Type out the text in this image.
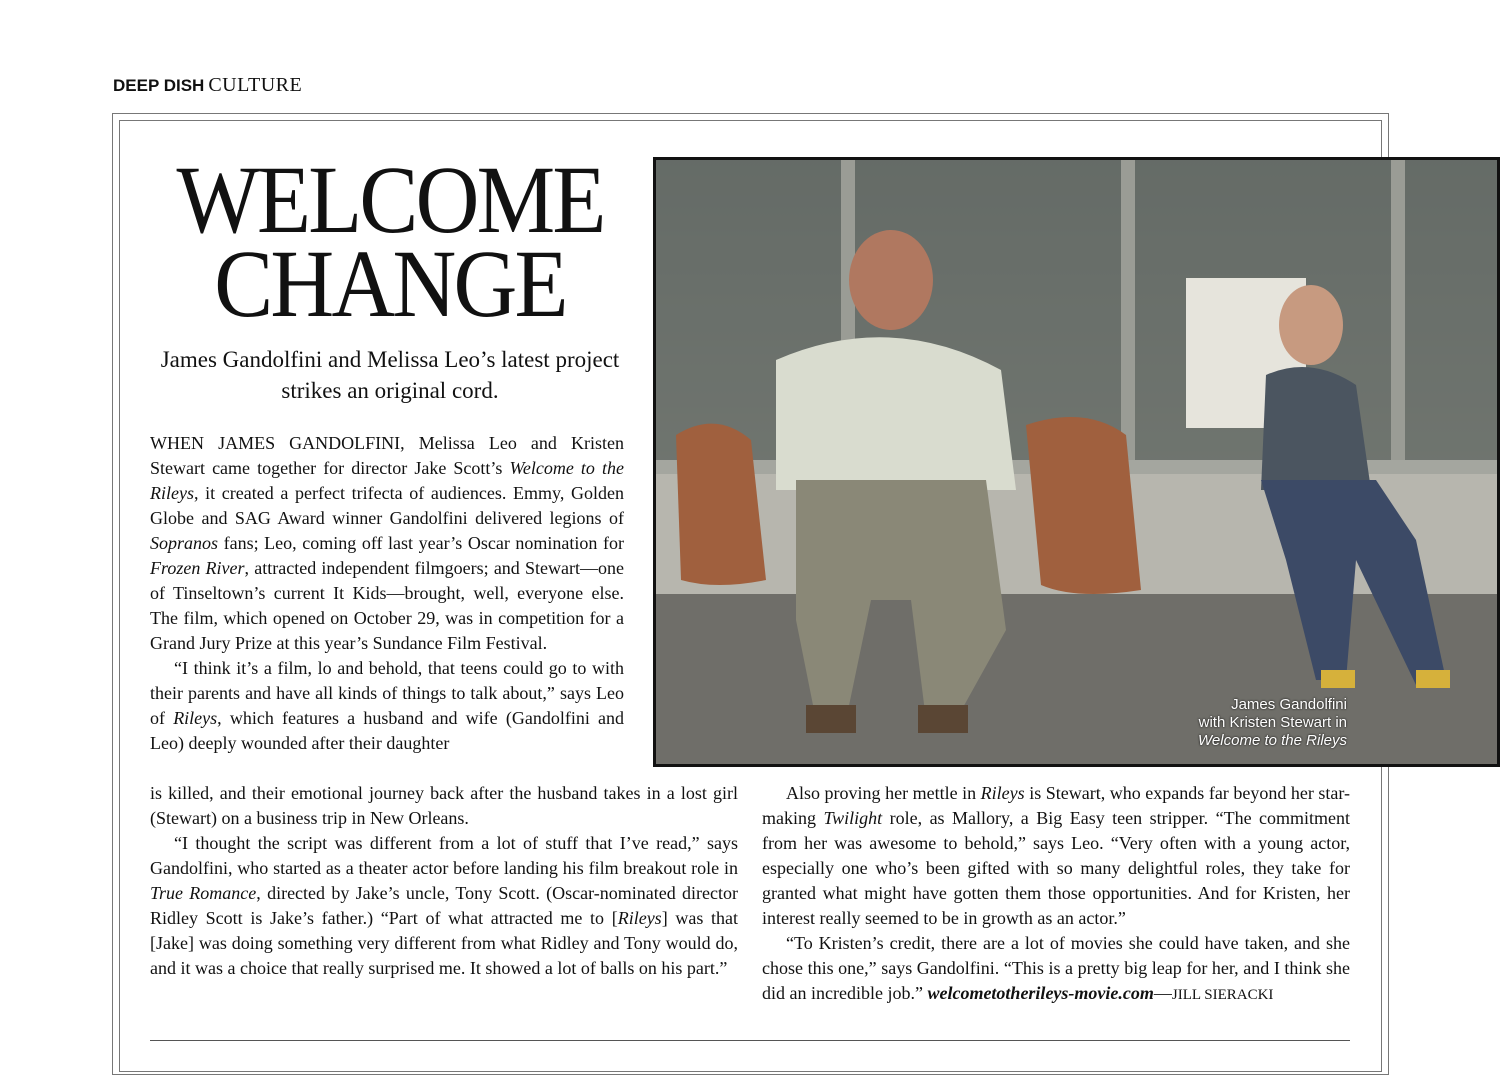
DEEP DISH CULTURE
WELCOME
CHANGE

James Gandolfini and Melissa Leo’s latest project strikes an original cord.

James Gandolfini
with Kristen Stewart in
Welcome to the Rileys

WHEN JAMES GANDOLFINI, Melissa Leo and Kristen Stewart came together for director Jake Scott’s Welcome to the Rileys, it created a perfect trifecta of audiences. Emmy, Golden Globe and SAG Award winner Gandolfini delivered legions of Sopranos fans; Leo, coming off last year’s Oscar nomination for Frozen River, attracted independent filmgoers; and Stewart—one of Tinseltown’s current It Kids—brought, well, everyone else. The film, which opened on October 29, was in competition for a Grand Jury Prize at this year’s Sundance Film Festival.

“I think it’s a film, lo and behold, that teens could go to with their parents and have all kinds of things to talk about,” says Leo of Rileys, which features a husband and wife (Gandolfini and Leo) deeply wounded after their daughter

is killed, and their emotional journey back after the husband takes in a lost girl (Stewart) on a business trip in New Orleans.

“I thought the script was different from a lot of stuff that I’ve read,” says Gandolfini, who started as a theater actor before landing his film breakout role in True Romance, directed by Jake’s uncle, Tony Scott. (Oscar-nominated director Ridley Scott is Jake’s father.) “Part of what attracted me to [Rileys] was that [Jake] was doing something very different from what Ridley and Tony would do, and it was a choice that really surprised me. It showed a lot of balls on his part.”

Also proving her mettle in Rileys is Stewart, who expands far beyond her star-making Twilight role, as Mallory, a Big Easy teen stripper. “The commitment from her was awesome to behold,” says Leo. “Very often with a young actor, especially one who’s been gifted with so many delightful roles, they take for granted what might have gotten them those opportunities. And for Kristen, her interest really seemed to be in growth as an actor.”

“To Kristen’s credit, there are a lot of movies she could have taken, and she chose this one,” says Gandolfini. “This is a pretty big leap for her, and I think she did an incredible job.” welcometotherileys-movie.com—JILL SIERACKI
